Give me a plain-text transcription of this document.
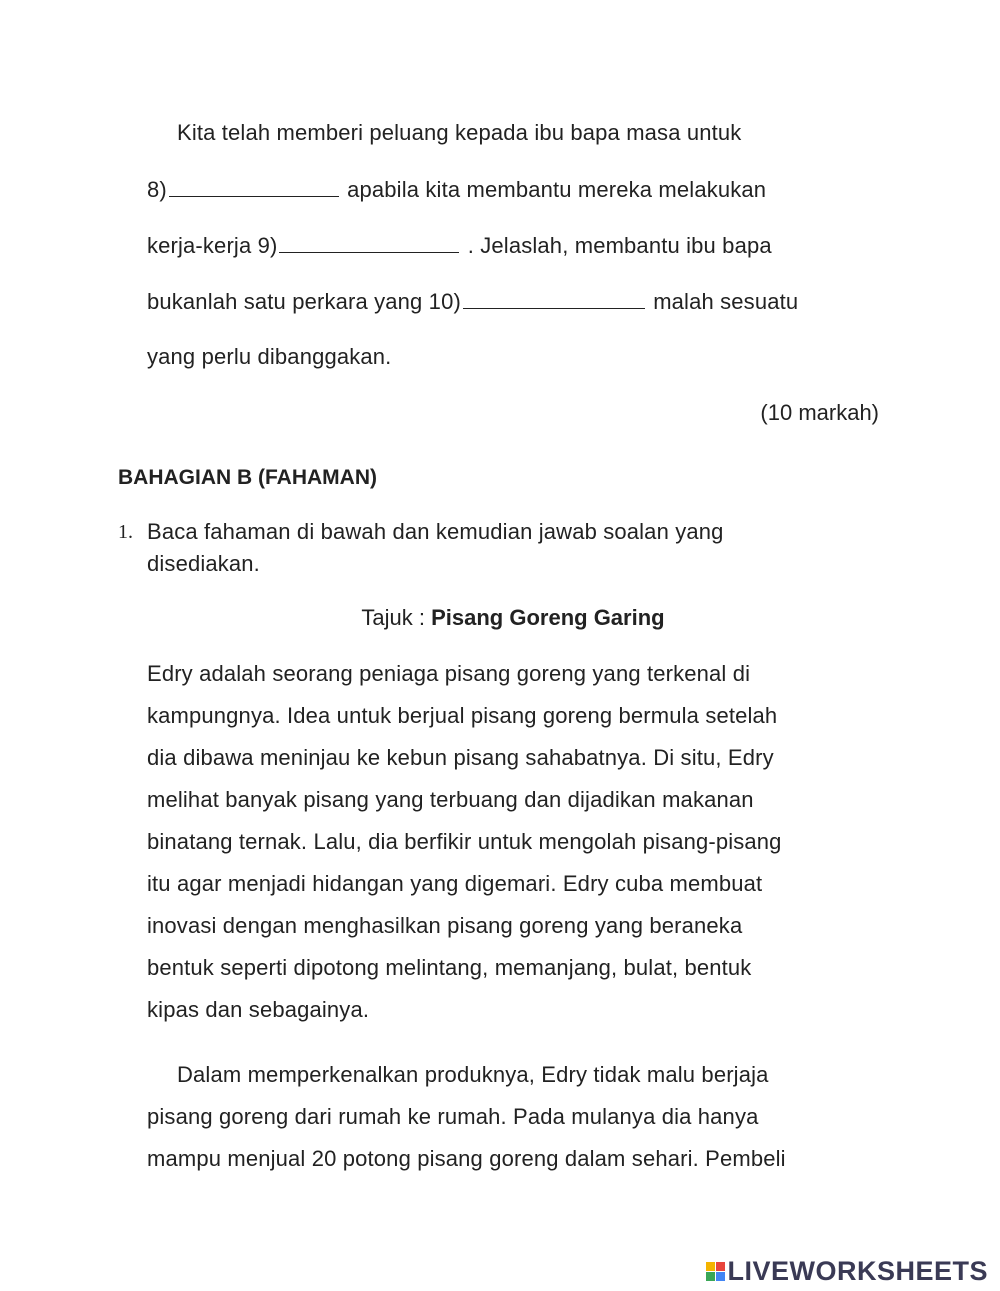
Kita telah memberi peluang kepada ibu bapa masa untuk
8)	apabila kita membantu mereka melakukan
kerja-kerja 9)	. Jelaslah, membantu ibu bapa
bukanlah satu perkara yang 10)	malah sesuatu
yang perlu dibanggakan.
(10 markah)
BAHAGIAN B (FAHAMAN)
1. Baca fahaman di bawah dan kemudian jawab soalan yang
disediakan.
Tajuk : Pisang Goreng Garing
Edry adalah seorang peniaga pisang goreng yang terkenal di
kampungnya. Idea untuk berjual pisang goreng bermula setelah
dia dibawa meninjau ke kebun pisang sahabatnya. Di situ, Edry
melihat banyak pisang yang terbuang dan dijadikan makanan
binatang ternak. Lalu, dia berfikir untuk mengolah pisang-pisang
itu agar menjadi hidangan yang digemari. Edry cuba membuat
inovasi dengan menghasilkan pisang goreng yang beraneka
bentuk seperti dipotong melintang, memanjang, bulat, bentuk
kipas dan sebagainya.
Dalam memperkenalkan produknya, Edry tidak malu berjaja
pisang goreng dari rumah ke rumah. Pada mulanya dia hanya
mampu menjual 20 potong pisang goreng dalam sehari. Pembeli
LIVEWORKSHEETS
